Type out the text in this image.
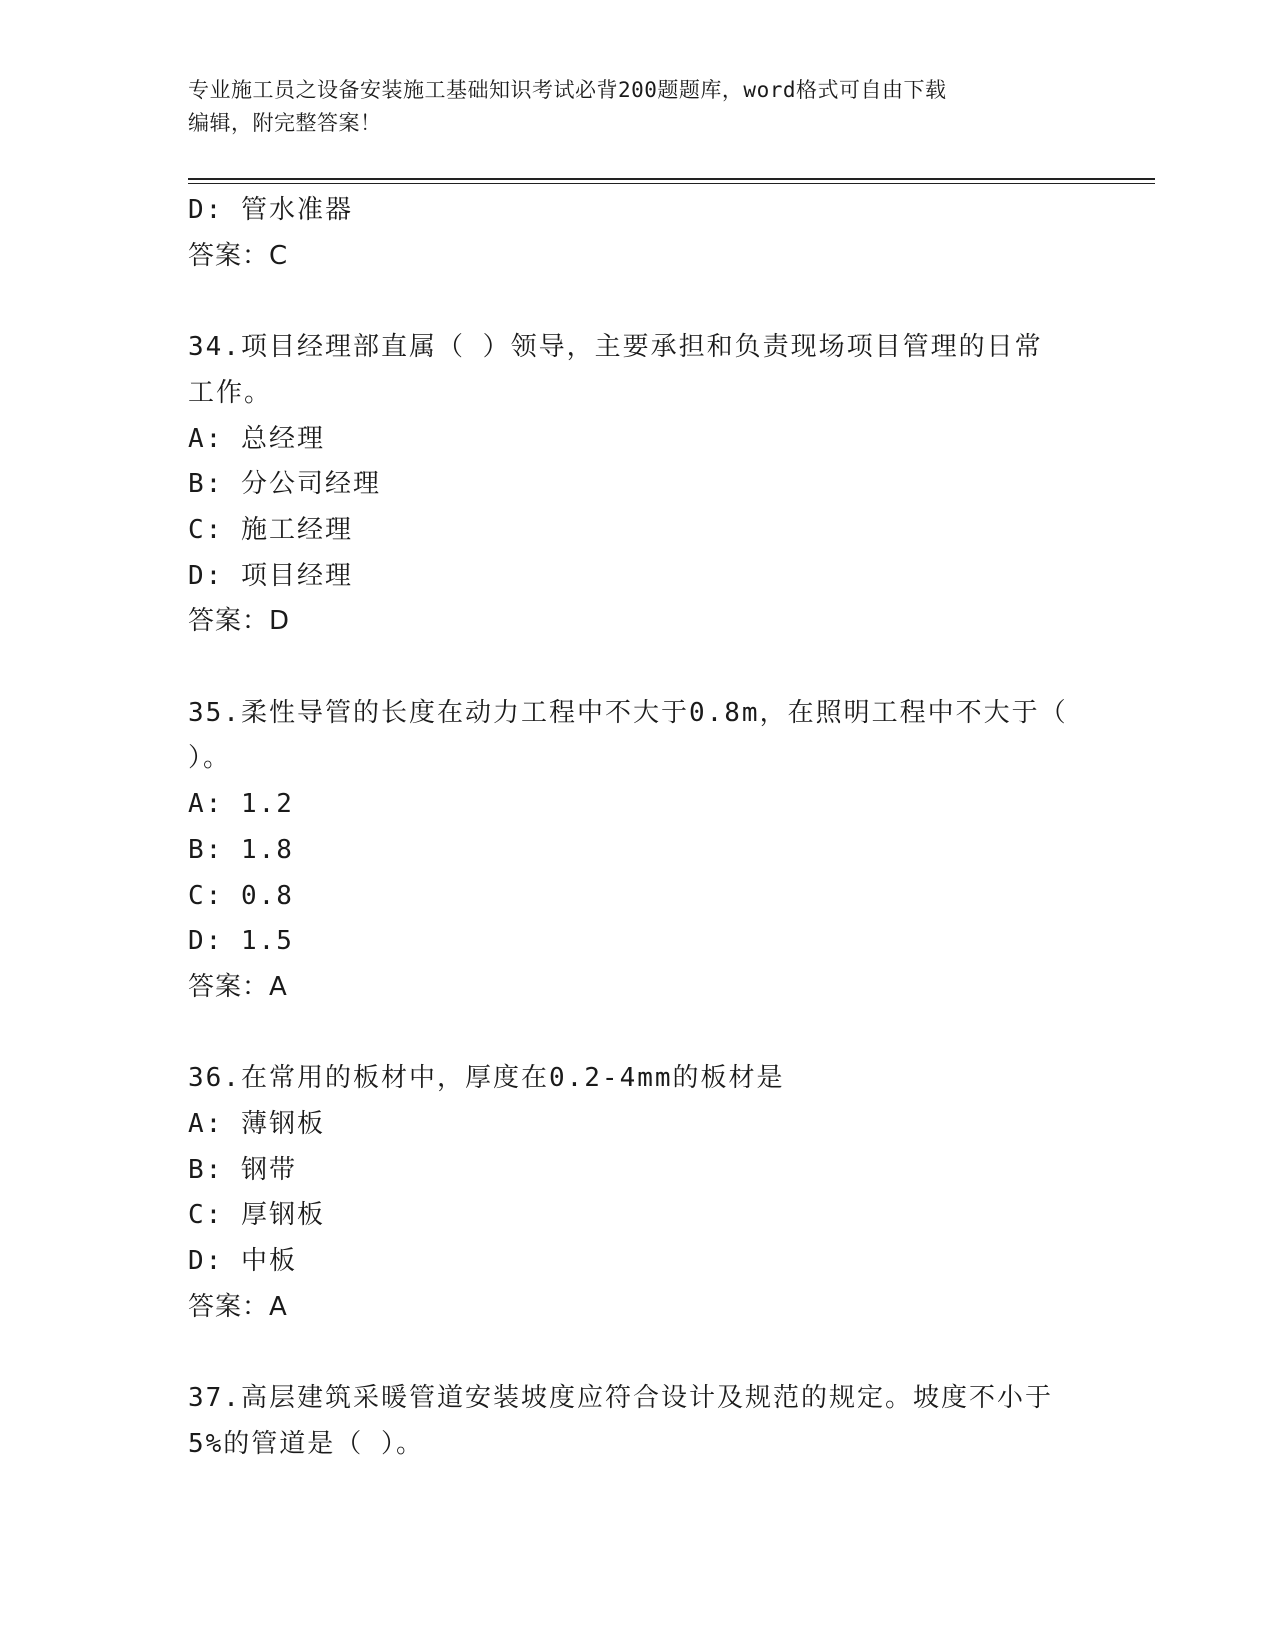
专业施工员之设备安装施工基础知识考试必背200题题库，word格式可自由下载
编辑，附完整答案！
D: 管水准器
答案：C
34.项目经理部直属（ ）领导，主要承担和负责现场项目管理的日常
工作。
A: 总经理
B: 分公司经理
C: 施工经理
D: 项目经理
答案：D
35.柔性导管的长度在动力工程中不大于0.8m，在照明工程中不大于（
）。
A: 1.2
B: 1.8
C: 0.8
D: 1.5
答案：A
36.在常用的板材中，厚度在0.2-4mm的板材是
A: 薄钢板
B: 钢带
C: 厚钢板
D: 中板
答案：A
37.高层建筑采暖管道安装坡度应符合设计及规范的规定。坡度不小于
5%的管道是（ ）。
